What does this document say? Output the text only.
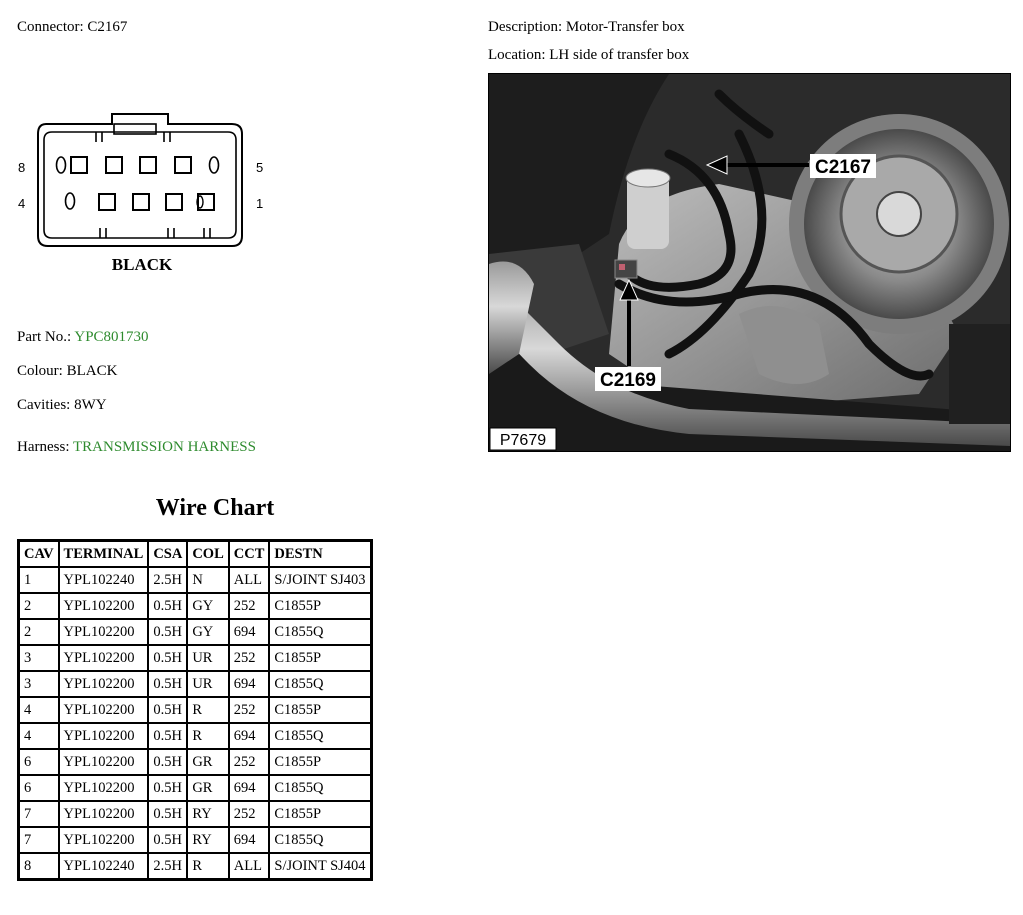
Connector: C2167	Description: Motor-Transfer box
Location: LH side of transfer box
8
4
5
1
BLACK
Part No.: YPC801730
Colour: BLACK
Cavities: 8WY
Harness: TRANSMISSION HARNESS
Wire Chart
CAV	TERMINAL	CSA	COL	CCT	DESTN
1	YPL102240	2.5H	N	ALL	S/JOINT SJ403
2	YPL102200	0.5H	GY	252	C1855P
2	YPL102200	0.5H	GY	694	C1855Q
3	YPL102200	0.5H	UR	252	C1855P
3	YPL102200	0.5H	UR	694	C1855Q
4	YPL102200	0.5H	R	252	C1855P
4	YPL102200	0.5H	R	694	C1855Q
6	YPL102200	0.5H	GR	252	C1855P
6	YPL102200	0.5H	GR	694	C1855Q
7	YPL102200	0.5H	RY	252	C1855P
7	YPL102200	0.5H	RY	694	C1855Q
8	YPL102240	2.5H	R	ALL	S/JOINT SJ404
C2167
C2169
P7679
